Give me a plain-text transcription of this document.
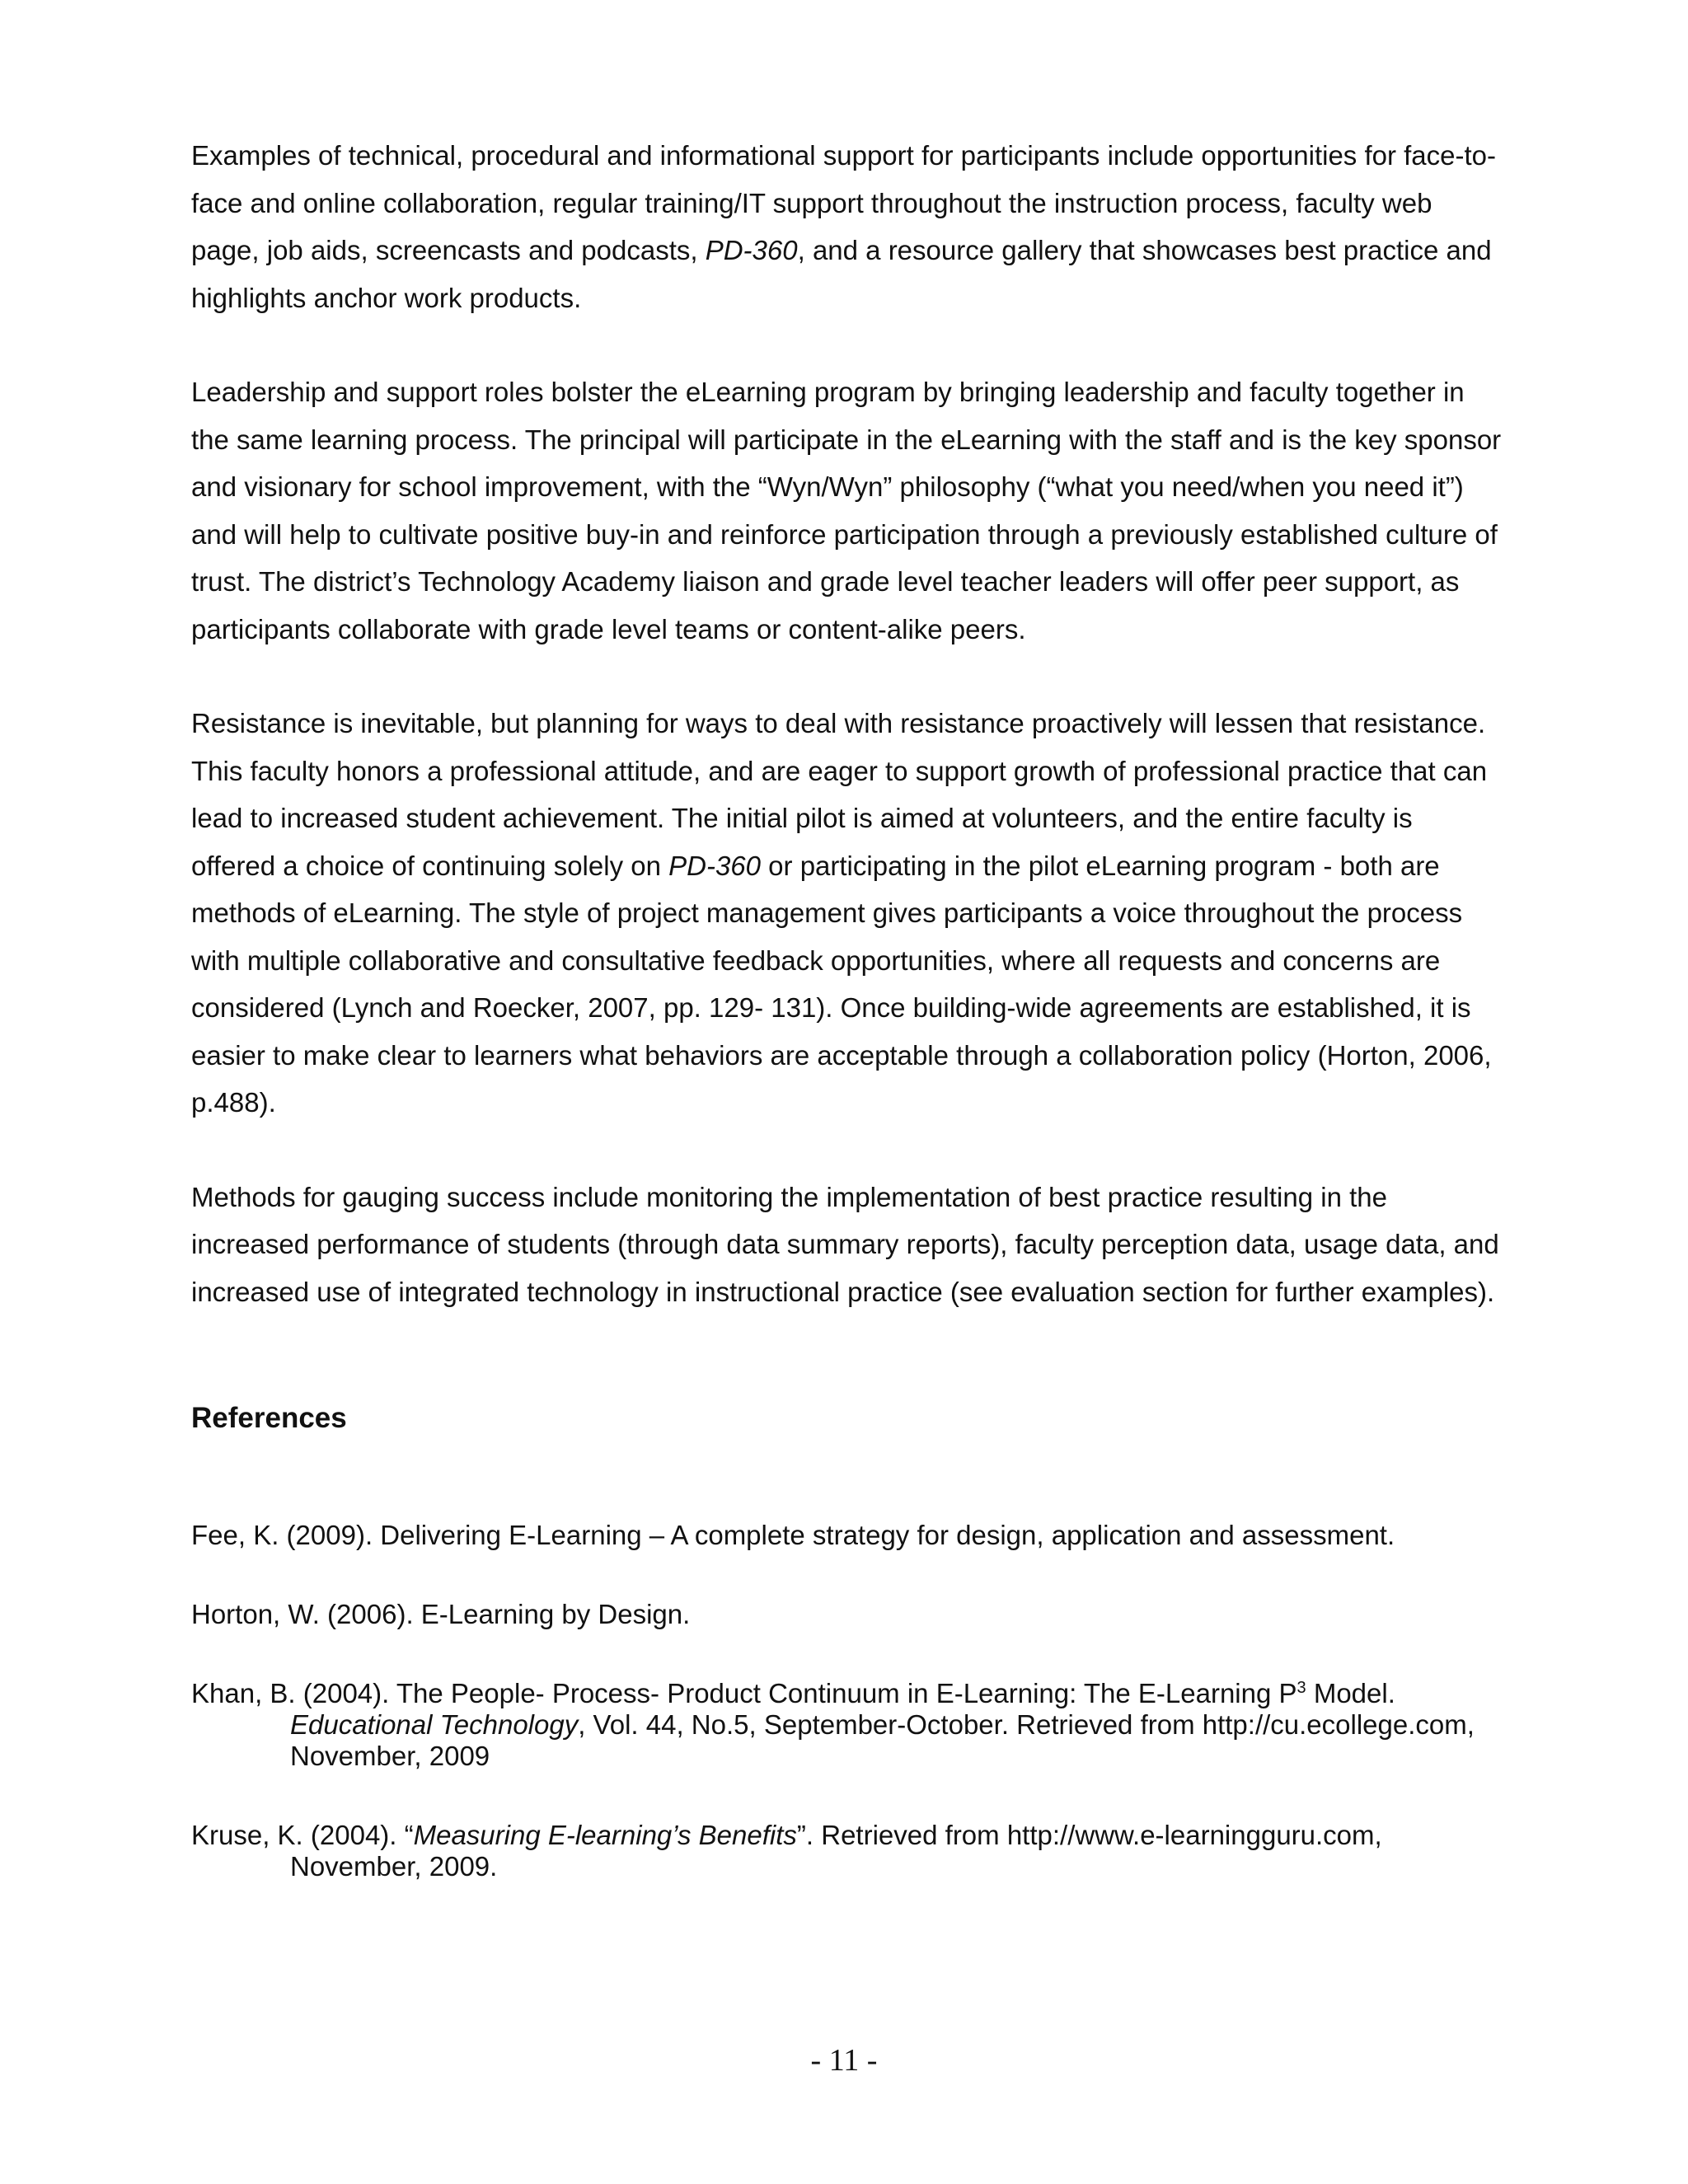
Examples of technical, procedural and informational support for participants include opportunities for face-to-face and online collaboration, regular training/IT support throughout the instruction process, faculty web page, job aids, screencasts and podcasts, PD-360, and a resource gallery that showcases best practice and highlights anchor work products.

Leadership and support roles bolster the eLearning program by bringing leadership and faculty together in the same learning process. The principal will participate in the eLearning with the staff and is the key sponsor and visionary for school improvement, with the “Wyn/Wyn” philosophy (“what you need/when you need it”) and will help to cultivate positive buy-in and reinforce participation through a previously established culture of trust. The district’s Technology Academy liaison and grade level teacher leaders will offer peer support, as participants collaborate with grade level teams or content-alike peers.

Resistance is inevitable, but planning for ways to deal with resistance proactively will lessen that resistance. This faculty honors a professional attitude, and are eager to support growth of professional practice that can lead to increased student achievement. The initial pilot is aimed at volunteers, and the entire faculty is offered a choice of continuing solely on PD-360 or participating in the pilot eLearning program - both are methods of eLearning. The style of project management gives participants a voice throughout the process with multiple collaborative and consultative feedback opportunities, where all requests and concerns are considered (Lynch and Roecker, 2007, pp. 129- 131). Once building-wide agreements are established, it is easier to make clear to learners what behaviors are acceptable through a collaboration policy (Horton, 2006, p.488).

Methods for gauging success include monitoring the implementation of best practice resulting in the increased performance of students (through data summary reports), faculty perception data, usage data, and increased use of integrated technology in instructional practice (see evaluation section for further examples).

References
Fee, K. (2009). Delivering E-Learning – A complete strategy for design, application and assessment.
Horton, W. (2006). E-Learning by Design.
Khan, B. (2004). The People- Process- Product Continuum in E-Learning: The E-Learning $P^3$ Model. Educational Technology, Vol. 44, No.5, September-October. Retrieved from http://cu.ecollege.com, November, 2009
Kruse, K. (2004). “Measuring E-learning’s Benefits”. Retrieved from http://www.e-learningguru.com, November, 2009.
- 11 -
